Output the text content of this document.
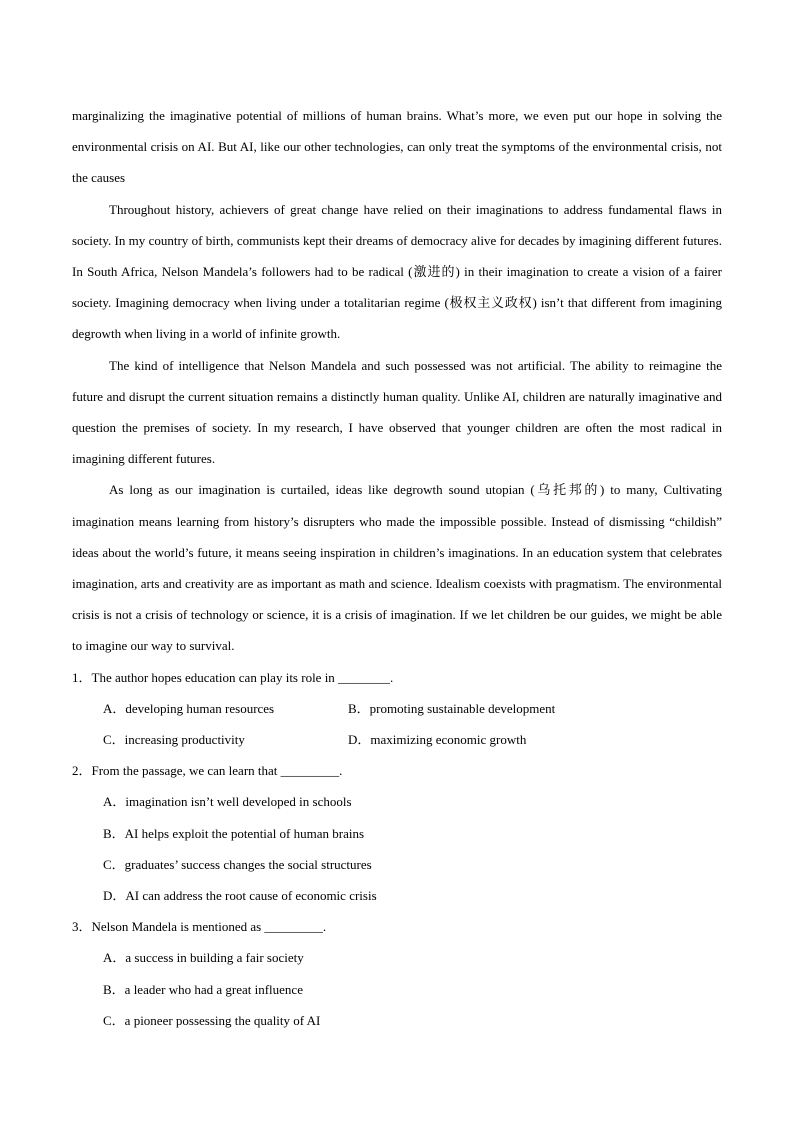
marginalizing the imaginative potential of millions of human brains. What’s more, we even put our hope in solving the environmental crisis on AI. But AI, like our other technologies, can only treat the symptoms of the environmental crisis, not the causes

Throughout history, achievers of great change have relied on their imaginations to address fundamental flaws in society. In my country of birth, communists kept their dreams of democracy alive for decades by imagining different futures. In South Africa, Nelson Mandela’s followers had to be radical (激进的) in their imagination to create a vision of a fairer society. Imagining democracy when living under a totalitarian regime (极权主义政权) isn’t that different from imagining degrowth when living in a world of infinite growth.

The kind of intelligence that Nelson Mandela and such possessed was not artificial. The ability to reimagine the future and disrupt the current situation remains a distinctly human quality. Unlike AI, children are naturally imaginative and question the premises of society. In my research, I have observed that younger children are often the most radical in imagining different futures.

As long as our imagination is curtailed, ideas like degrowth sound utopian (乌托邦的) to many, Cultivating imagination means learning from history’s disrupters who made the impossible possible. Instead of dismissing “childish” ideas about the world’s future, it means seeing inspiration in children’s imaginations. In an education system that celebrates imagination, arts and creativity are as important as math and science. Idealism coexists with pragmatism. The environmental crisis is not a crisis of technology or science, it is a crisis of imagination. If we let children be our guides, we might be able to imagine our way to survival.

1．The author hopes education can play its role in ________.

A．developing human resources	B．promoting sustainable development
C．increasing productivity	D．maximizing economic growth

2．From the passage, we can learn that _________.

A．imagination isn’t well developed in schools
B．AI helps exploit the potential of human brains
C．graduates’ success changes the social structures
D．AI can address the root cause of economic crisis

3．Nelson Mandela is mentioned as _________.

A．a success in building a fair society
B．a leader who had a great influence
C．a pioneer possessing the quality of AI
